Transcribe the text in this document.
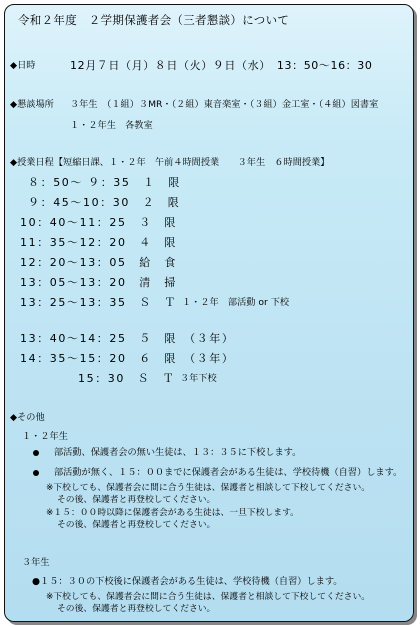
令和２年度　２学期保護者会（三者懇談）について
◆日時	12月７日（月）８日（火）９日（水）　13：50〜16：30
◆懇談場所 ３年生　（１組）３MR・（２組）東音楽室・（３組）金工室・（４組）図書室
１・２年生　各教室
◆授業日程【短縮日課、１・２年　午前４時間授業　　３年生　６時間授業】
８：50〜 ９：35　１　限
９：45〜10：30　２　限
10：40〜11：25　３　限
11：35〜12：20　４　限
12：20〜13：05　給　食
13：05〜13：20　清　掃
13：25〜13：35　Ｓ　Ｔ １・２年　部活動 or 下校
13：40〜14：25　５　限　（３年）
14：35〜15：20　６　限　（３年）
15：30　Ｓ　Ｔ ３年下校
◆その他
１・２年生
部活動、保護者会の無い生徒は、１３：３５に下校します。
部活動が無く、１５：００までに保護者会がある生徒は、学校待機（自習）します。
※下校しても、保護者会に間に合う生徒は、保護者と相談して下校してください。
その後、保護者と再登校してください。
※１５：００時以降に保護者会がある生徒は、一旦下校します。
その後、保護者と再登校してください。
３年生
●１５：３０の下校後に保護者会がある生徒は、学校待機（自習）します。
※下校しても、保護者会に間に合う生徒は、保護者と相談して下校してください。
その後、保護者と再登校してください。
